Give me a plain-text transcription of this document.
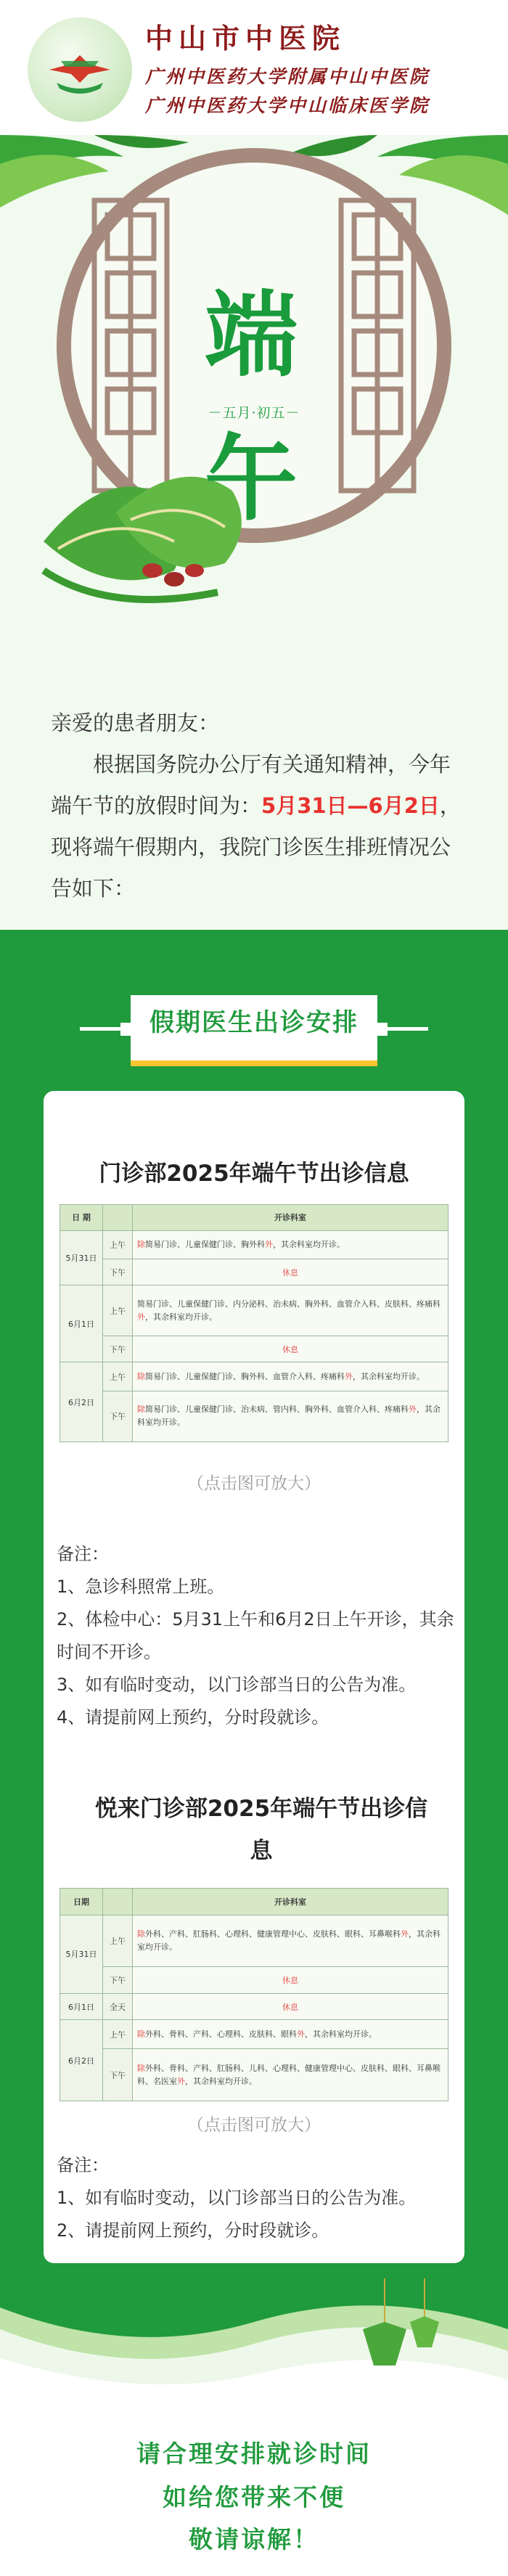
中山市中医院
广州中医药大学附属中山中医院
广州中医药大学中山临床医学院
端
－五月·初五－
午

亲爱的患者朋友：

根据国务院办公厅有关通知精神，今年端午节的放假时间为：5月31日—6月2日，现将端午假期内，我院门诊医生排班情况公告如下：

假期医生出诊安排
门诊部2025年端午节出诊信息
日 期		开诊科室
5月31日	上午	除简易门诊、儿童保健门诊、胸外科外，其余科室均开诊。
	下午	休息
6月1日	上午	简易门诊、儿童保健门诊、内分泌科、治未病、胸外科、血管介入科、皮肤科、疼痛科外，其余科室均开诊。
	下午	休息
6月2日	上午	除简易门诊、儿童保健门诊、胸外科、血管介入科、疼痛科外，其余科室均开诊。
	下午	除简易门诊、儿童保健门诊、治未病、管内科、胸外科、血管介入科、疼痛科外，其余科室均开诊。
（点击图可放大）

备注：

1、急诊科照常上班。

2、体检中心：5月31上午和6月2日上午开诊，其余时间不开诊。

3、如有临时变动，以门诊部当日的公告为准。

4、请提前网上预约，分时段就诊。

悦来门诊部2025年端午节出诊信息
日期		开诊科室
5月31日	上午	除外科、产科、肛肠科、心理科、健康管理中心、皮肤科、眼科、耳鼻喉科外，其余科室均开诊。
	下午	休息
6月1日	全天	休息
6月2日	上午	除外科、骨科、产科、心理科、皮肤科、眼科外，其余科室均开诊。
	下午	除外科、骨科、产科、肛肠科、儿科、心理科、健康管理中心、皮肤科、眼科、耳鼻喉科、名医室外，其余科室均开诊。
（点击图可放大）

备注：

1、如有临时变动，以门诊部当日的公告为准。

2、请提前网上预约，分时段就诊。

请合理安排就诊时间
如给您带来不便
敬请谅解！
